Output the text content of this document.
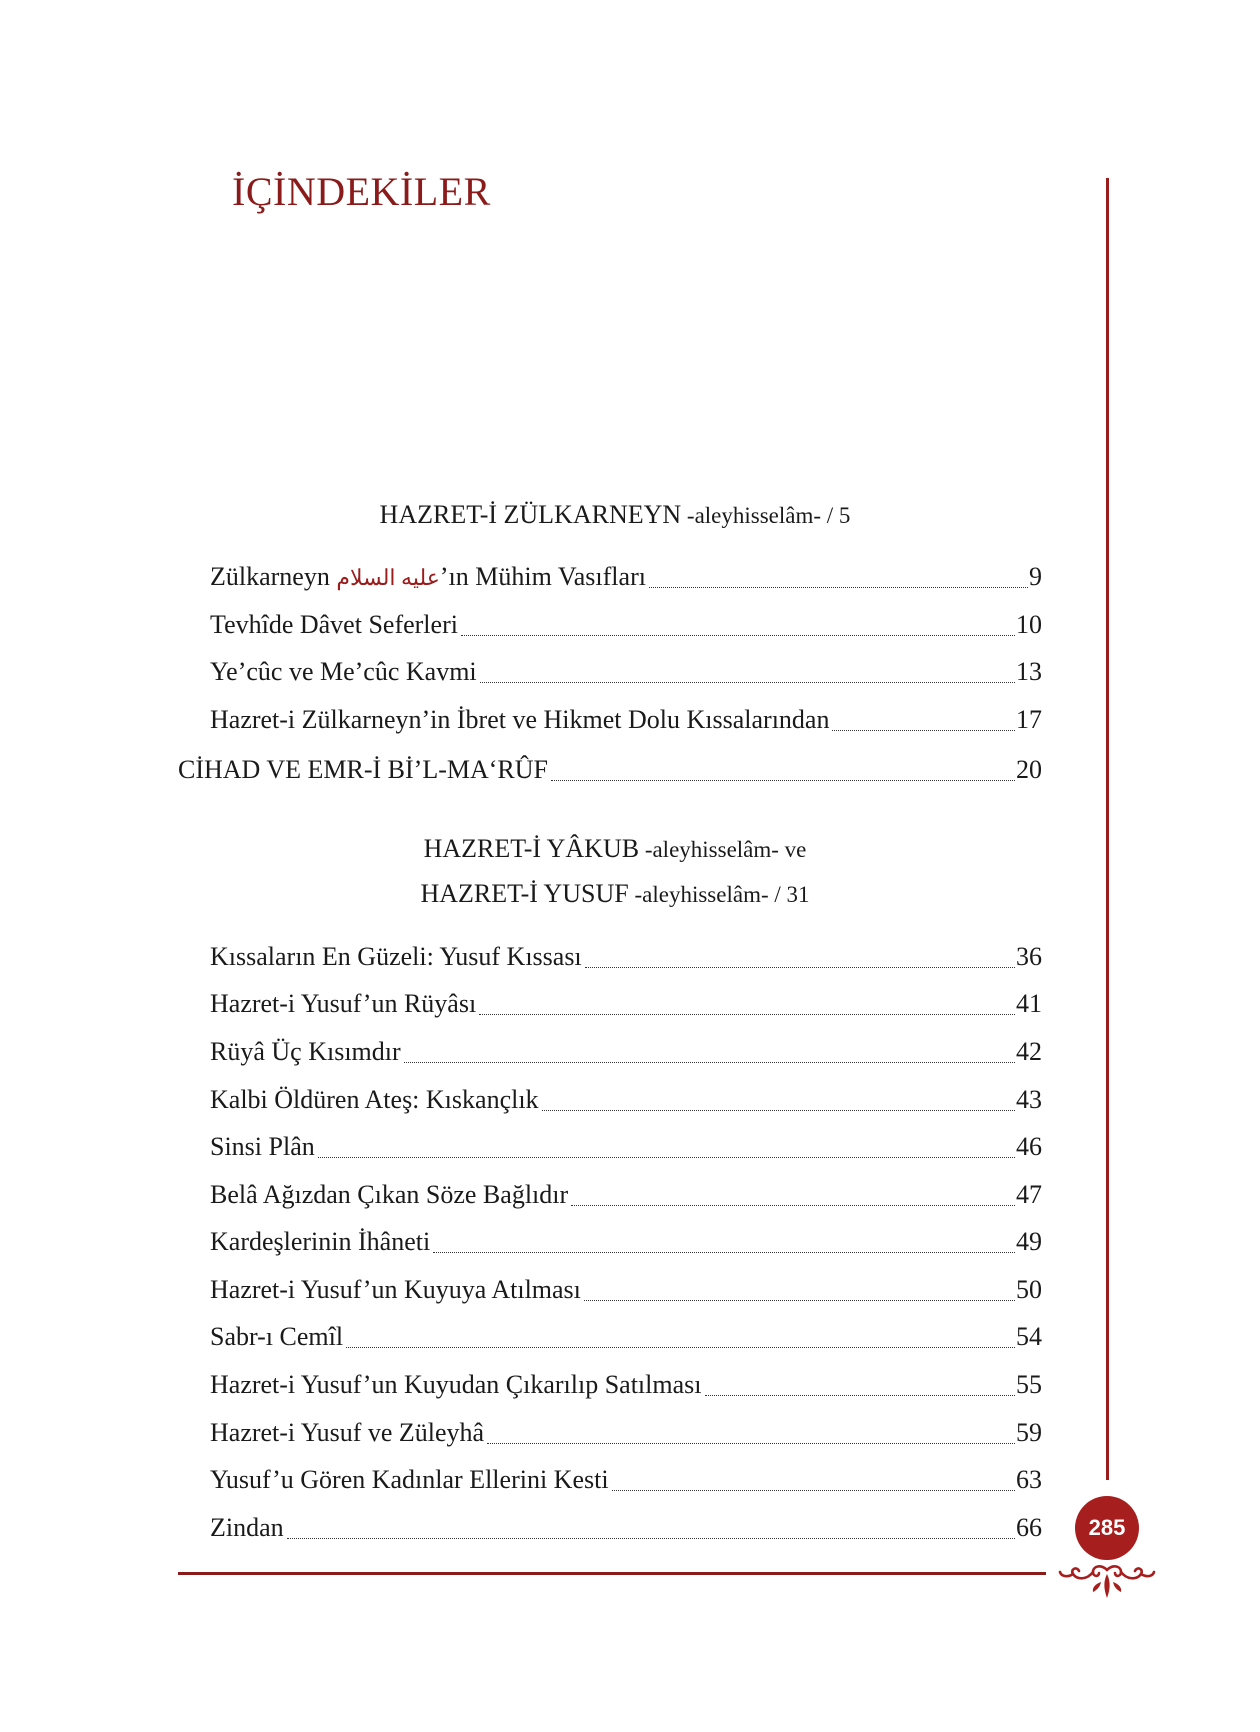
İÇİNDEKİLER
HAZRET-İ ZÜLKARNEYN -aleyhisselâm- / 5
Zülkarneyn عليه السلام’ın Mühim Vasıfları	9
Tevhîde Dâvet Seferleri	10
Ye’cûc ve Me’cûc Kavmi	13
Hazret-i Zülkarneyn’in İbret ve Hikmet Dolu Kıssalarından	17
CİHAD VE EMR-İ Bİ’L-MA‘RÛF	20
HAZRET-İ YÂKUB -aleyhisselâm- ve
HAZRET-İ YUSUF -aleyhisselâm- / 31
Kıssaların En Güzeli: Yusuf Kıssası	36
Hazret-i Yusuf’un Rüyâsı	41
Rüyâ Üç Kısımdır	42
Kalbi Öldüren Ateş: Kıskançlık	43
Sinsi Plân	46
Belâ Ağızdan Çıkan Söze Bağlıdır	47
Kardeşlerinin İhâneti	49
Hazret-i Yusuf’un Kuyuya Atılması	50
Sabr-ı Cemîl	54
Hazret-i Yusuf’un Kuyudan Çıkarılıp Satılması	55
Hazret-i Yusuf ve Züleyhâ	59
Yusuf’u Gören Kadınlar Ellerini Kesti	63
Zindan	66	285
